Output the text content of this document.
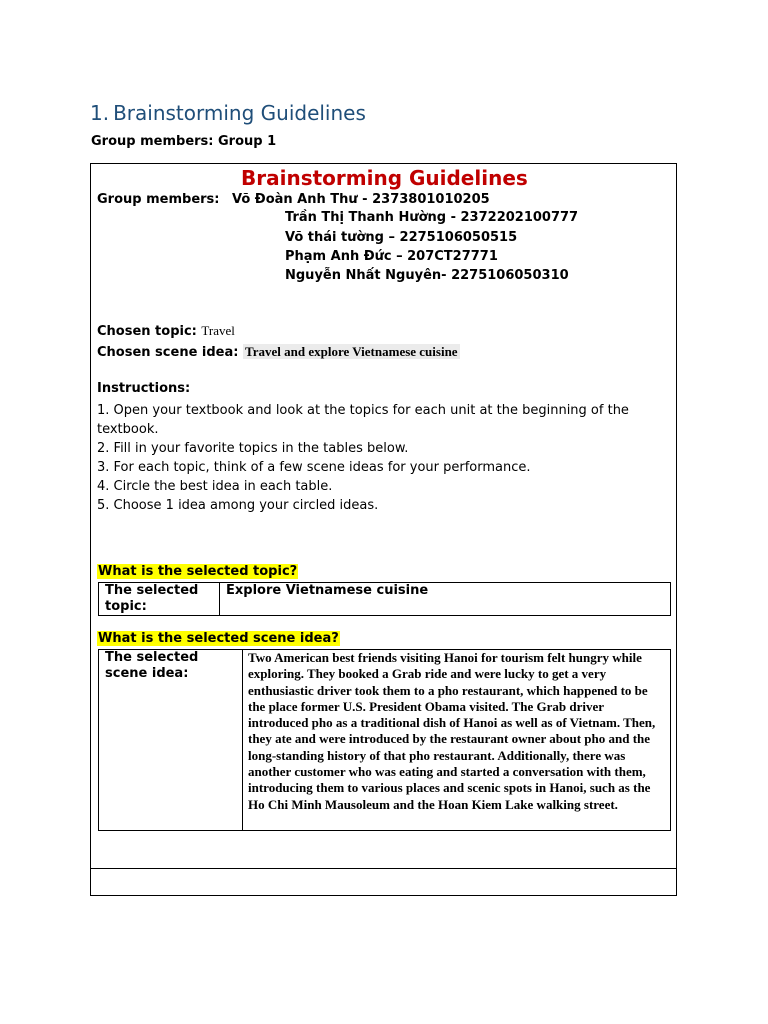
1. Brainstorming Guidelines
Group members: Group 1
Brainstorming Guidelines
Group members: Võ Đoàn Anh Thư - 2373801010205
Trần Thị Thanh Hường - 2372202100777
Võ thái tường – 2275106050515
Phạm Anh Đức – 207CT27771
Nguyễn Nhất Nguyên- 2275106050310
Chosen topic: Travel
Chosen scene idea: Travel and explore Vietnamese cuisine
Instructions:
1. Open your textbook and look at the topics for each unit at the beginning of the textbook.
2. Fill in your favorite topics in the tables below.
3. For each topic, think of a few scene ideas for your performance.
4. Circle the best idea in each table.
5. Choose 1 idea among your circled ideas.
What is the selected topic?
The selected topic:	Explore Vietnamese cuisine
What is the selected scene idea?
The selected scene idea:	Two American best friends visiting Hanoi for tourism felt hungry while exploring. They booked a Grab ride and were lucky to get a very enthusiastic driver took them to a pho restaurant, which happened to be the place former U.S. President Obama visited. The Grab driver introduced pho as a traditional dish of Hanoi as well as of Vietnam. Then, they ate and were introduced by the restaurant owner about pho and the long-standing history of that pho restaurant. Additionally, there was another customer who was eating and started a conversation with them, introducing them to various places and scenic spots in Hanoi, such as the Ho Chi Minh Mausoleum and the Hoan Kiem Lake walking street.
